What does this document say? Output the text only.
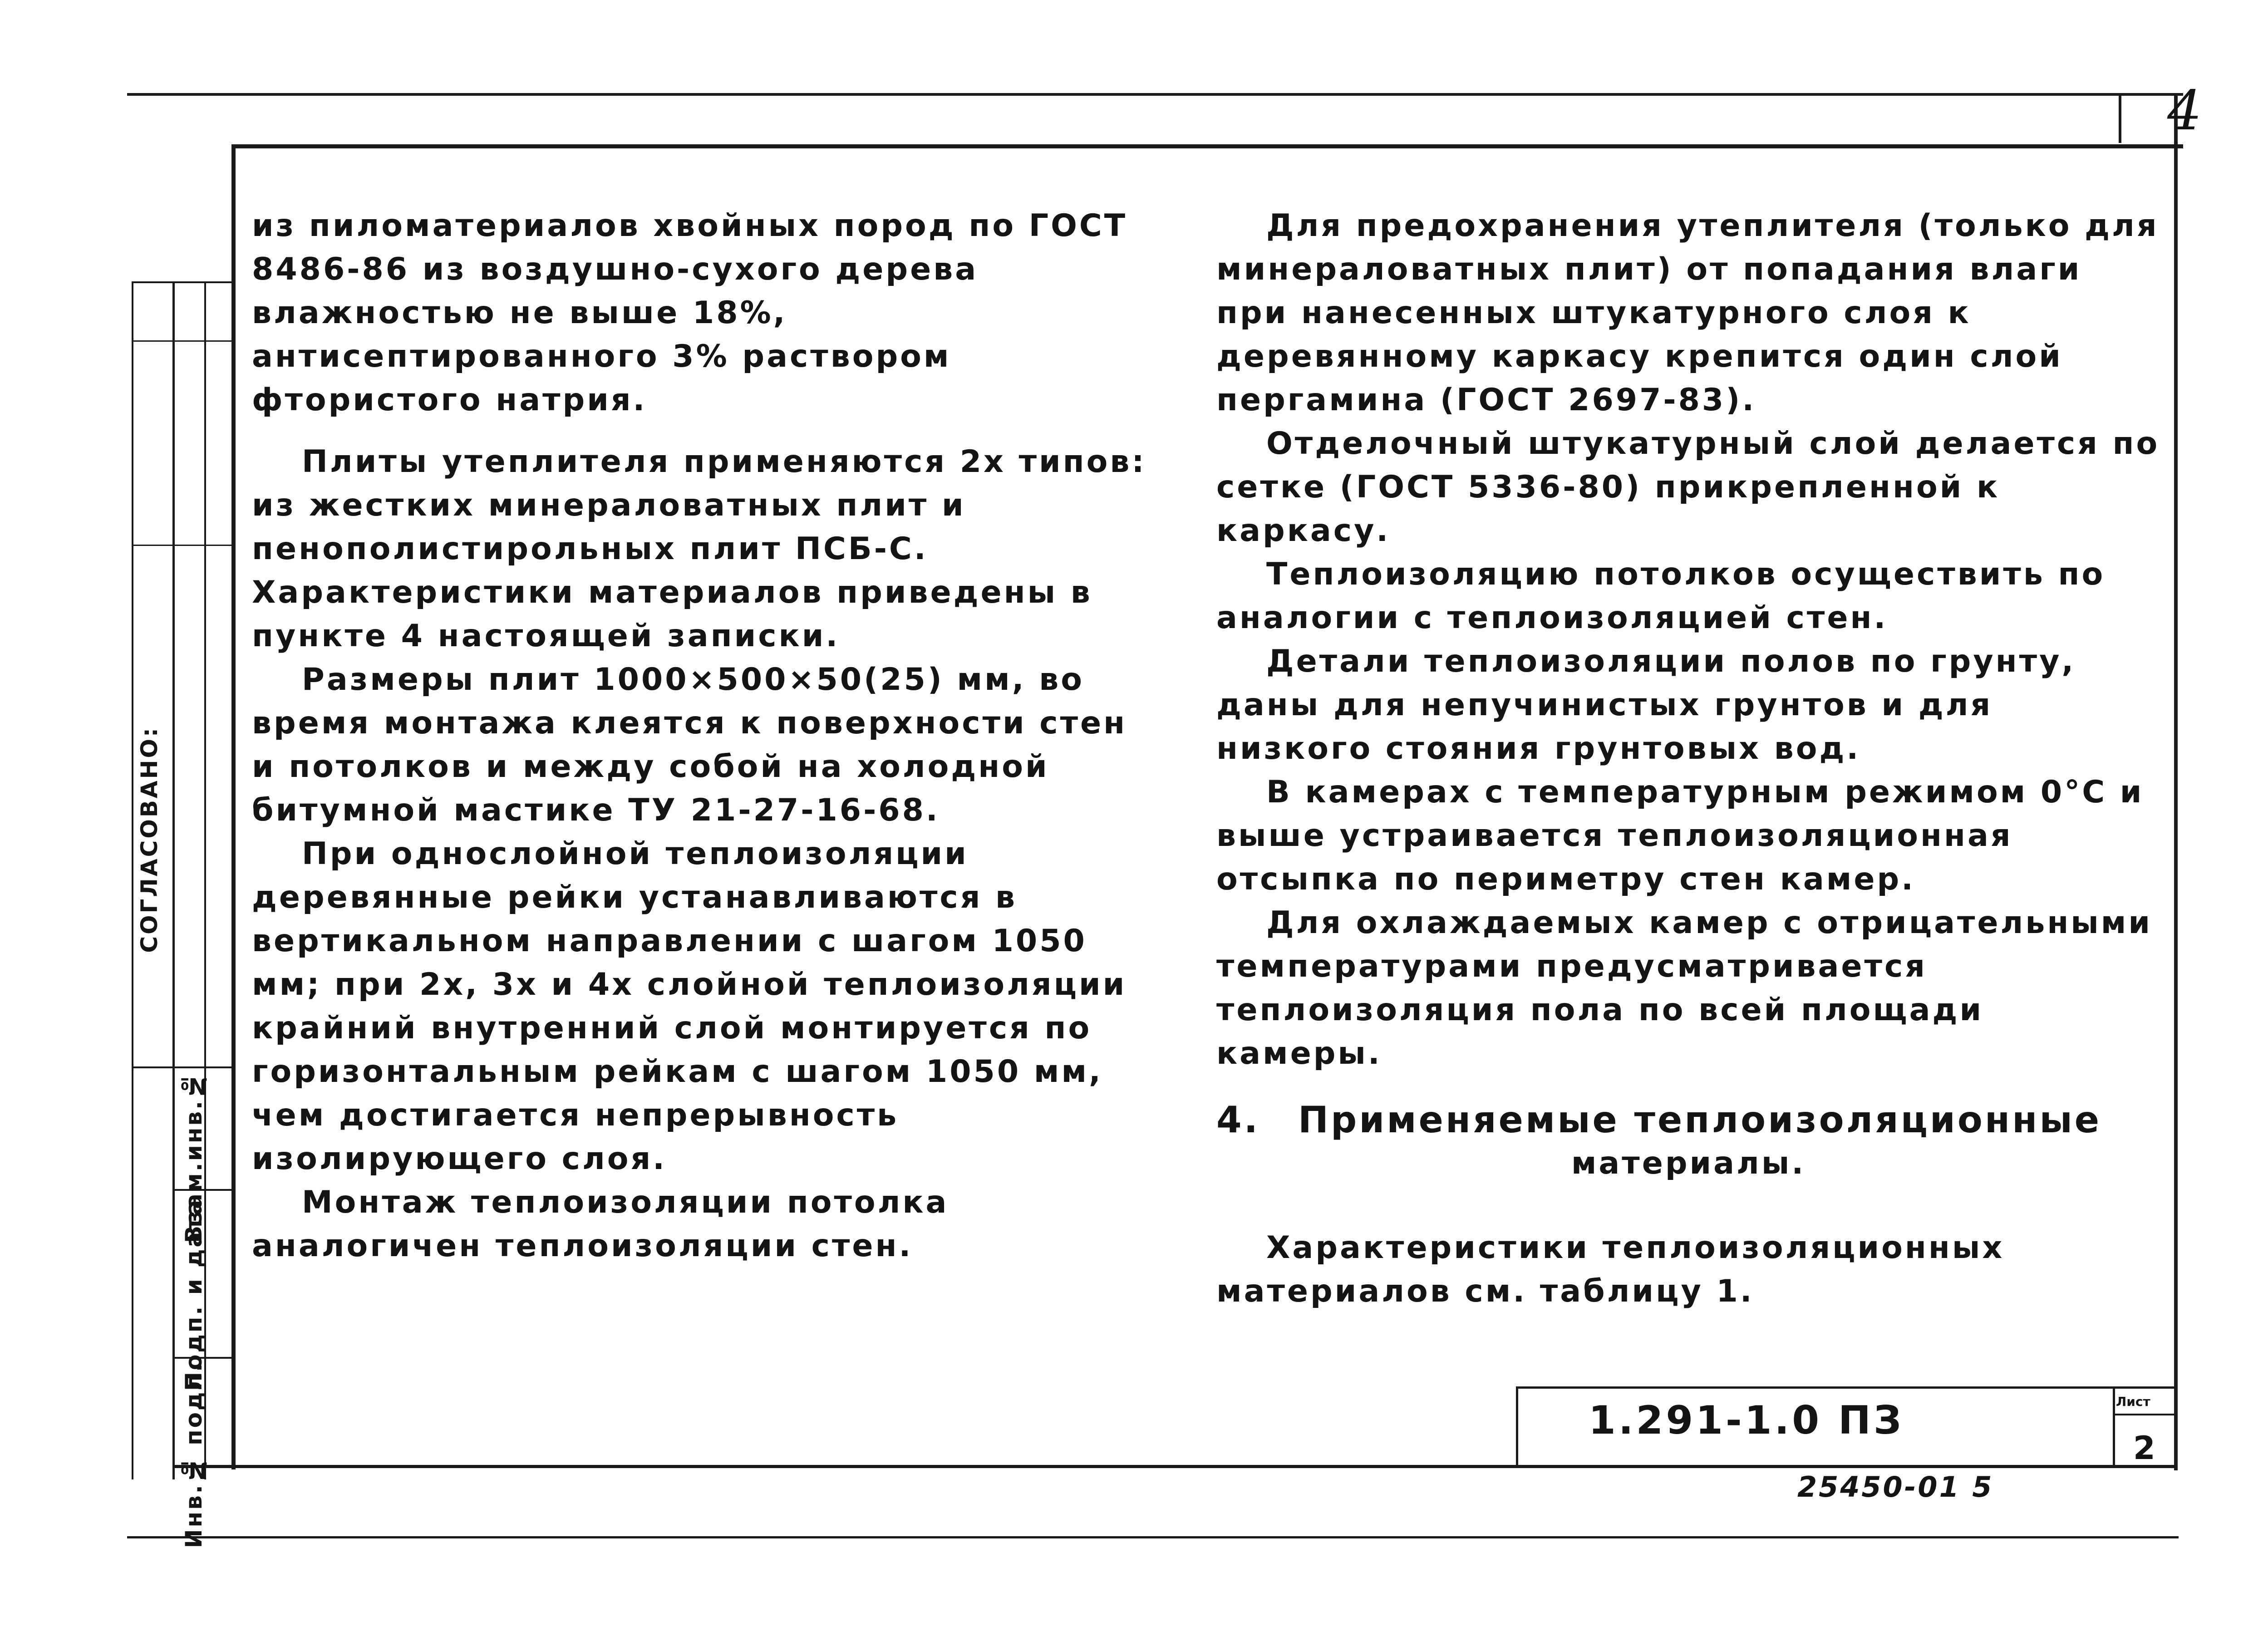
4

из пиломатериалов хвойных пород по ГОСТ 8486-86 из воздушно-сухого дерева влажностью не выше 18%, антисептированного 3% раствором фтористого натрия.

Плиты утеплителя применяются 2х типов: из жестких минераловатных плит и пенополистирольных плит ПСБ-С. Характеристики материалов приведены в пункте 4 настоящей записки.

Размеры плит 1000×500×50(25) мм, во время монтажа клеятся к поверхности стен и потолков и между собой на холодной битумной мастике ТУ 21-27-16-68.

При однослойной теплоизоляции деревянные рейки устанавливаются в вертикальном направлении с шагом 1050 мм; при 2х, 3х и 4х слойной теплоизоляции крайний внутренний слой монтируется по горизонтальным рейкам с шагом 1050 мм, чем достигается непрерывность изолирующего слоя.

Монтаж теплоизоляции потолка аналогичен теплоизоляции стен.

Для предохранения утеплителя (только для минераловатных плит) от попадания влаги при нанесенных штукатурного слоя к деревянному каркасу крепится один слой пергамина (ГОСТ 2697-83).

Отделочный штукатурный слой делается по сетке (ГОСТ 5336-80) прикрепленной к каркасу.

Теплоизоляцию потолков осуществить по аналогии с теплоизоляцией стен.

Детали теплоизоляции полов по грунту, даны для непучинистых грунтов и для низкого стояния грунтовых вод.

В камерах с температурным режимом 0°С и выше устраивается теплоизоляционная отсыпка по периметру стен камер.

Для охлаждаемых камер с отрицательными температурами предусматривается теплоизоляция пола по всей площади камеры.

4. Применяемые теплоизоляционные

материалы.

Характеристики теплоизоляционных материалов см. таблицу 1.

СОГЛАСОВАНО:
Взам.инв.№
Подп. и дата
Инв.№ подл.	1.291-1.0 ПЗ	Лист
2
25450-01 5
